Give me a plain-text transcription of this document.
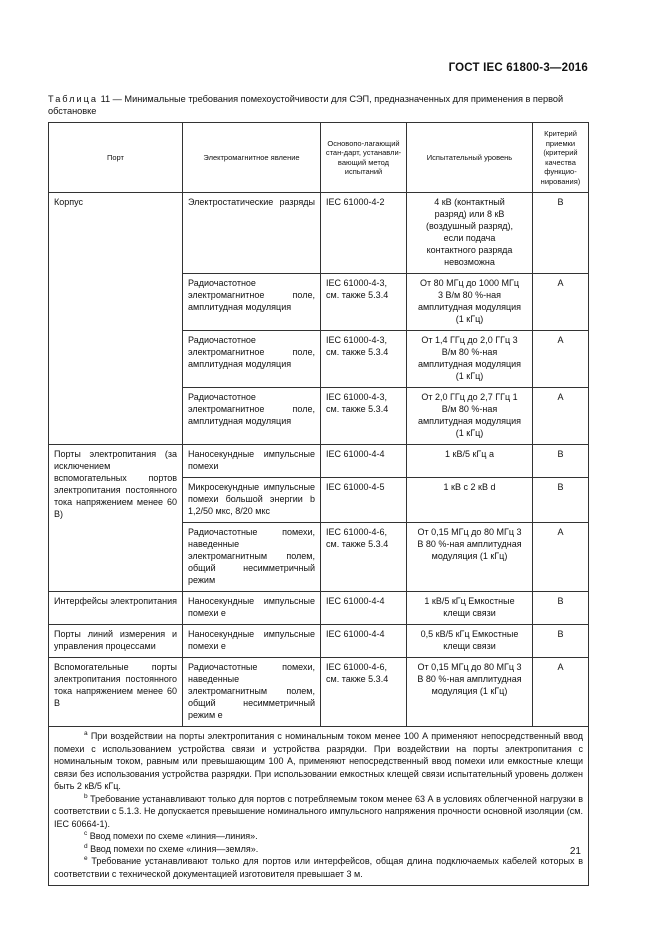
ГОСТ IEC 61800-3—2016
Таблица 11 — Минимальные требования помехоустойчивости для СЭП, предназначенных для применения в первой обстановке
Порт	Электромагнитное явление	Основопо-​лагающий стан-​дарт, устанавли-​вающий метод испытаний	Испытательный уровень	Критерий приемки (критерий качества функцио-​нирования)
Корпус	Электростатические разряды	IEC 61000-4-2	4 кВ (контактный разряд) или 8 кВ (воздушный разряд), если подача контактного разряда невозможна	В
	Радиочастотное электромагнитное поле, амплитудная модуляция	IEC 61000-4-3, см. также 5.3.4	От 80 МГц до 1000 МГц 3 В/м 80 %-ная амплитудная модуляция (1 кГц)	А
	Радиочастотное электромагнитное поле, амплитудная модуляция	IEC 61000-4-3, см. также 5.3.4	От 1,4 ГГц до 2,0 ГГц 3 В/м 80 %-ная амплитудная модуляция (1 кГц)	А
	Радиочастотное электромагнитное поле, амплитудная модуляция	IEC 61000-4-3, см. также 5.3.4	От 2,0 ГГц до 2,7 ГГц 1 В/м 80 %-ная амплитудная модуляция (1 кГц)	А
Порты электропитания (за исключением вспомогательных портов электропитания постоянного тока напряжением менее 60 В)	Наносекундные импульсные помехи	IEC 61000-4-4	1 кВ/5 кГц а	В
	Микросекундные импульсные помехи большой энергии b 1,2/50 мкс, 8/20 мкс	IEC 61000-4-5	1 кВ c 2 кВ d	В
	Радиочастотные помехи, наведенные электромагнитным полем, общий несимметричный режим	IEC 61000-4-6, см. также 5.3.4	От 0,15 МГц до 80 МГц 3 В 80 %-ная амплитудная модуляция (1 кГц)	А
Интерфейсы электропитания	Наносекундные импульсные помехи е	IEC 61000-4-4	1 кВ/5 кГц Емкостные клещи связи	В
Порты линий измерения и управления процессами	Наносекундные импульсные помехи е	IEC 61000-4-4	0,5 кВ/5 кГц Емкостные клещи связи	В
Вспомогательные порты электропитания постоянного тока напряжением менее 60 В	Радиочастотные помехи, наведенные электромагнитным полем, общий несимметричный режим е	IEC 61000-4-6, см. также 5.3.4	От 0,15 МГц до 80 МГц 3 В 80 %-ная амплитудная модуляция (1 кГц)	А

$^а$ При воздействии на порты электропитания с номинальным током менее 100 А применяют непосредственный ввод помехи с использованием устройства связи и устройства разрядки. При воздействии на порты электропитания с номинальным током, равным или превышающим 100 А, применяют непосредственный ввод помехи или емкостные клещи связи без использования устройства разрядки. При использовании емкостных клещей связи испытательный уровень должен быть 2 кВ/5 кГц.
$^b$ Требование устанавливают только для портов с потребляемым током менее 63 А в условиях облегченной нагрузки в соответствии с 5.1.3. Не допускается превышение номинального импульсного напряжения прочности основной изоляции (см. IEC 60664-1).
$^с$ Ввод помехи по схеме «линия—линия».
$^d$ Ввод помехи по схеме «линия—земля».
$^е$ Требование устанавливают только для портов или интерфейсов, общая длина подключаемых кабелей которых в соответствии с технической документацией изготовителя превышает 3 м.				
21
